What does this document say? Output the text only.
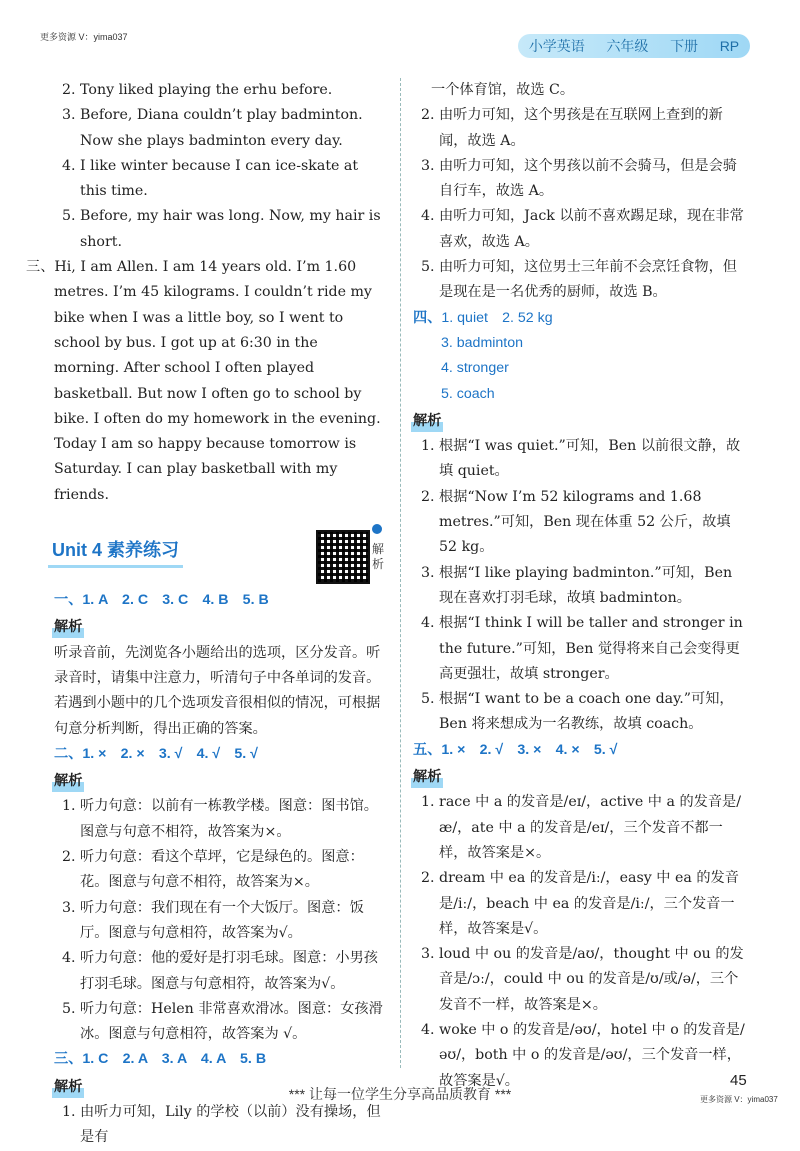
更多资源 V：yima037
小学英语 六年级 下册 RP

2. Tony liked playing the erhu before.

3. Before, Diana couldn’t play badminton. Now she plays badminton every day.

4. I like winter because I can ice-skate at this time.

5. Before, my hair was long. Now, my hair is short.

三、Hi, I am Allen. I am 14 years old. I’m 1.60 metres. I’m 45 kilograms. I couldn’t ride my bike when I was a little boy, so I went to school by bus. I got up at 6:30 in the morning. After school I often played basketball. But now I often go to school by bike. I often do my homework in the evening. Today I am so happy because tomorrow is Saturday. I can play basketball with my friends.

Unit 4 素养练习	解析

一、1. A　2. C　3. C　4. B　5. B

解析

听录音前，先浏览各小题给出的选项，区分发音。听录音时，请集中注意力，听清句子中各单词的发音。若遇到小题中的几个选项发音很相似的情况，可根据句意分析判断，得出正确的答案。

二、1. ×　2. ×　3. √　4. √　5. √

解析

1. 听力句意：以前有一栋教学楼。图意：图书馆。图意与句意不相符，故答案为×。

2. 听力句意：看这个草坪，它是绿色的。图意：花。图意与句意不相符，故答案为×。

3. 听力句意：我们现在有一个大饭厅。图意：饭厅。图意与句意相符，故答案为√。

4. 听力句意：他的爱好是打羽毛球。图意：小男孩打羽毛球。图意与句意相符，故答案为√。

5. 听力句意：Helen 非常喜欢滑冰。图意：女孩滑冰。图意与句意相符，故答案为 √。

三、1. C　2. A　3. A　4. A　5. B

解析

1. 由听力可知，Lily 的学校（以前）没有操场，但是有

一个体育馆，故选 C。

2. 由听力可知，这个男孩是在互联网上查到的新闻，故选 A。

3. 由听力可知，这个男孩以前不会骑马，但是会骑自行车，故选 A。

4. 由听力可知，Jack 以前不喜欢踢足球，现在非常喜欢，故选 A。

5. 由听力可知，这位男士三年前不会烹饪食物，但是现在是一名优秀的厨师，故选 B。

四、1. quiet　2. 52 kg

3. badminton

4. stronger

5. coach

解析

1. 根据“I was quiet.”可知，Ben 以前很文静，故填 quiet。

2. 根据“Now I’m 52 kilograms and 1.68 metres.”可知，Ben 现在体重 52 公斤，故填 52 kg。

3. 根据“I like playing badminton.”可知，Ben 现在喜欢打羽毛球，故填 badminton。

4. 根据“I think I will be taller and stronger in the future.”可知，Ben 觉得将来自己会变得更高更强壮，故填 stronger。

5. 根据“I want to be a coach one day.”可知，Ben 将来想成为一名教练，故填 coach。

五、1. ×　2. √　3. ×　4. ×　5. √

解析

1. race 中 a 的发音是/eɪ/，active 中 a 的发音是/æ/，ate 中 a 的发音是/eɪ/，三个发音不都一样，故答案是×。

2. dream 中 ea 的发音是/iː/，easy 中 ea 的发音是/iː/，beach 中 ea 的发音是/iː/，三个发音一样，故答案是√。

3. loud 中 ou 的发音是/aʊ/，thought 中 ou 的发音是/ɔː/，could 中 ou 的发音是/ʊ/或/ə/，三个发音不一样，故答案是×。

4. woke 中 o 的发音是/əʊ/，hotel 中 o 的发音是/əʊ/，both 中 o 的发音是/əʊ/，三个发音一样，故答案是√。	45
*** 让每一位学生分享高品质教育 ***	更多资源 V：yima037
